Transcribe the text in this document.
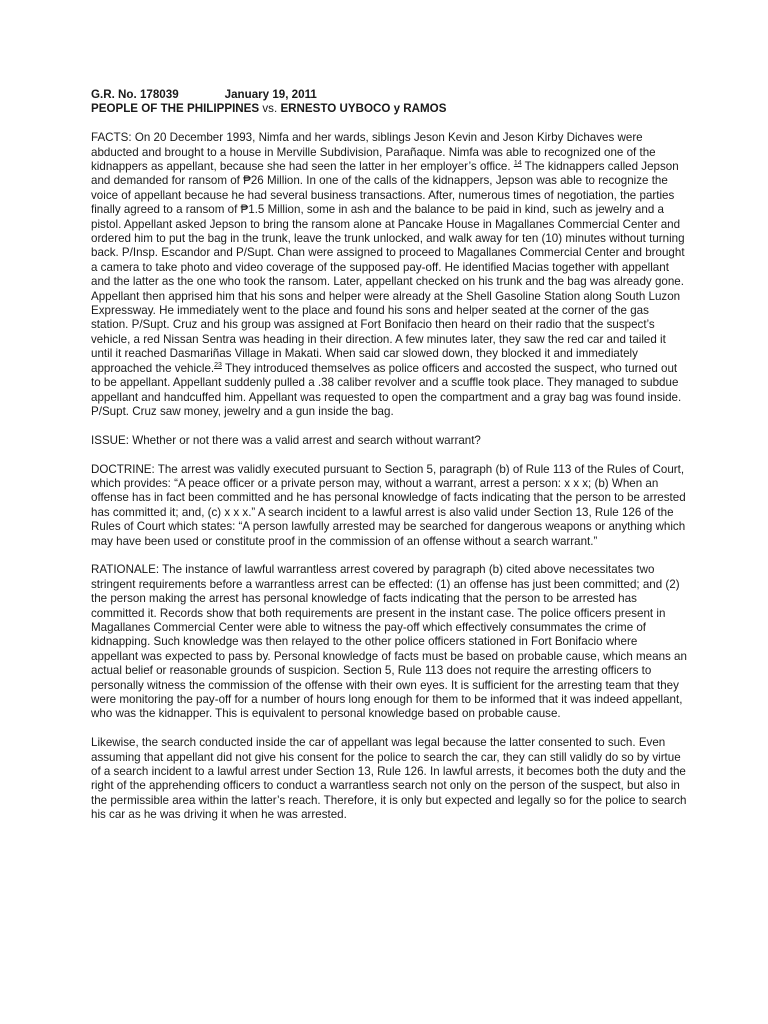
G.R. No. 178039	January 19, 2011

PEOPLE OF THE PHILIPPINES vs. ERNESTO UYBOCO y RAMOS

FACTS: On 20 December 1993, Nimfa and her wards, siblings Jeson Kevin and Jeson Kirby Dichaves were abducted and brought to a house in Merville Subdivision, Parañaque. Nimfa was able to recognized one of the kidnappers as appellant, because she had seen the latter in her employer’s office. $^{14}$ The kidnappers called Jepson and demanded for ransom of ₱26 Million. In one of the calls of the kidnappers, Jepson was able to recognize the voice of appellant because he had several business transactions. After, numerous times of negotiation, the parties finally agreed to a ransom of ₱1.5 Million, some in ash and the balance to be paid in kind, such as jewelry and a pistol. Appellant asked Jepson to bring the ransom alone at Pancake House in Magallanes Commercial Center and ordered him to put the bag in the trunk, leave the trunk unlocked, and walk away for ten (10) minutes without turning back. P/Insp. Escandor and P/Supt. Chan were assigned to proceed to Magallanes Commercial Center and brought a camera to take photo and video coverage of the supposed pay-off. He identified Macias together with appellant and the latter as the one who took the ransom. Later, appellant checked on his trunk and the bag was already gone. Appellant then apprised him that his sons and helper were already at the Shell Gasoline Station along South Luzon Expressway. He immediately went to the place and found his sons and helper seated at the corner of the gas station. P/Supt. Cruz and his group was assigned at Fort Bonifacio then heard on their radio that the suspect’s vehicle, a red Nissan Sentra was heading in their direction. A few minutes later, they saw the red car and tailed it until it reached Dasmariñas Village in Makati. When said car slowed down, they blocked it and immediately approached the vehicle.$^{23}$ They introduced themselves as police officers and accosted the suspect, who turned out to be appellant. Appellant suddenly pulled a .38 caliber revolver and a scuffle took place. They managed to subdue appellant and handcuffed him. Appellant was requested to open the compartment and a gray bag was found inside. P/Supt. Cruz saw money, jewelry and a gun inside the bag.

ISSUE: Whether or not there was a valid arrest and search without warrant?

DOCTRINE: The arrest was validly executed pursuant to Section 5, paragraph (b) of Rule 113 of the Rules of Court, which provides: “A peace officer or a private person may, without a warrant, arrest a person: x x x; (b) When an offense has in fact been committed and he has personal knowledge of facts indicating that the person to be arrested has committed it; and, (c) x x x.” A search incident to a lawful arrest is also valid under Section 13, Rule 126 of the Rules of Court which states: “A person lawfully arrested may be searched for dangerous weapons or anything which may have been used or constitute proof in the commission of an offense without a search warrant.”

RATIONALE: The instance of lawful warrantless arrest covered by paragraph (b) cited above necessitates two stringent requirements before a warrantless arrest can be effected: (1) an offense has just been committed; and (2) the person making the arrest has personal knowledge of facts indicating that the person to be arrested has committed it. Records show that both requirements are present in the instant case. The police officers present in Magallanes Commercial Center were able to witness the pay-off which effectively consummates the crime of kidnapping. Such knowledge was then relayed to the other police officers stationed in Fort Bonifacio where appellant was expected to pass by. Personal knowledge of facts must be based on probable cause, which means an actual belief or reasonable grounds of suspicion. Section 5, Rule 113 does not require the arresting officers to personally witness the commission of the offense with their own eyes. It is sufficient for the arresting team that they were monitoring the pay-off for a number of hours long enough for them to be informed that it was indeed appellant, who was the kidnapper. This is equivalent to personal knowledge based on probable cause.

Likewise, the search conducted inside the car of appellant was legal because the latter consented to such. Even assuming that appellant did not give his consent for the police to search the car, they can still validly do so by virtue of a search incident to a lawful arrest under Section 13, Rule 126. In lawful arrests, it becomes both the duty and the right of the apprehending officers to conduct a warrantless search not only on the person of the suspect, but also in the permissible area within the latter’s reach. Therefore, it is only but expected and legally so for the police to search his car as he was driving it when he was arrested.
